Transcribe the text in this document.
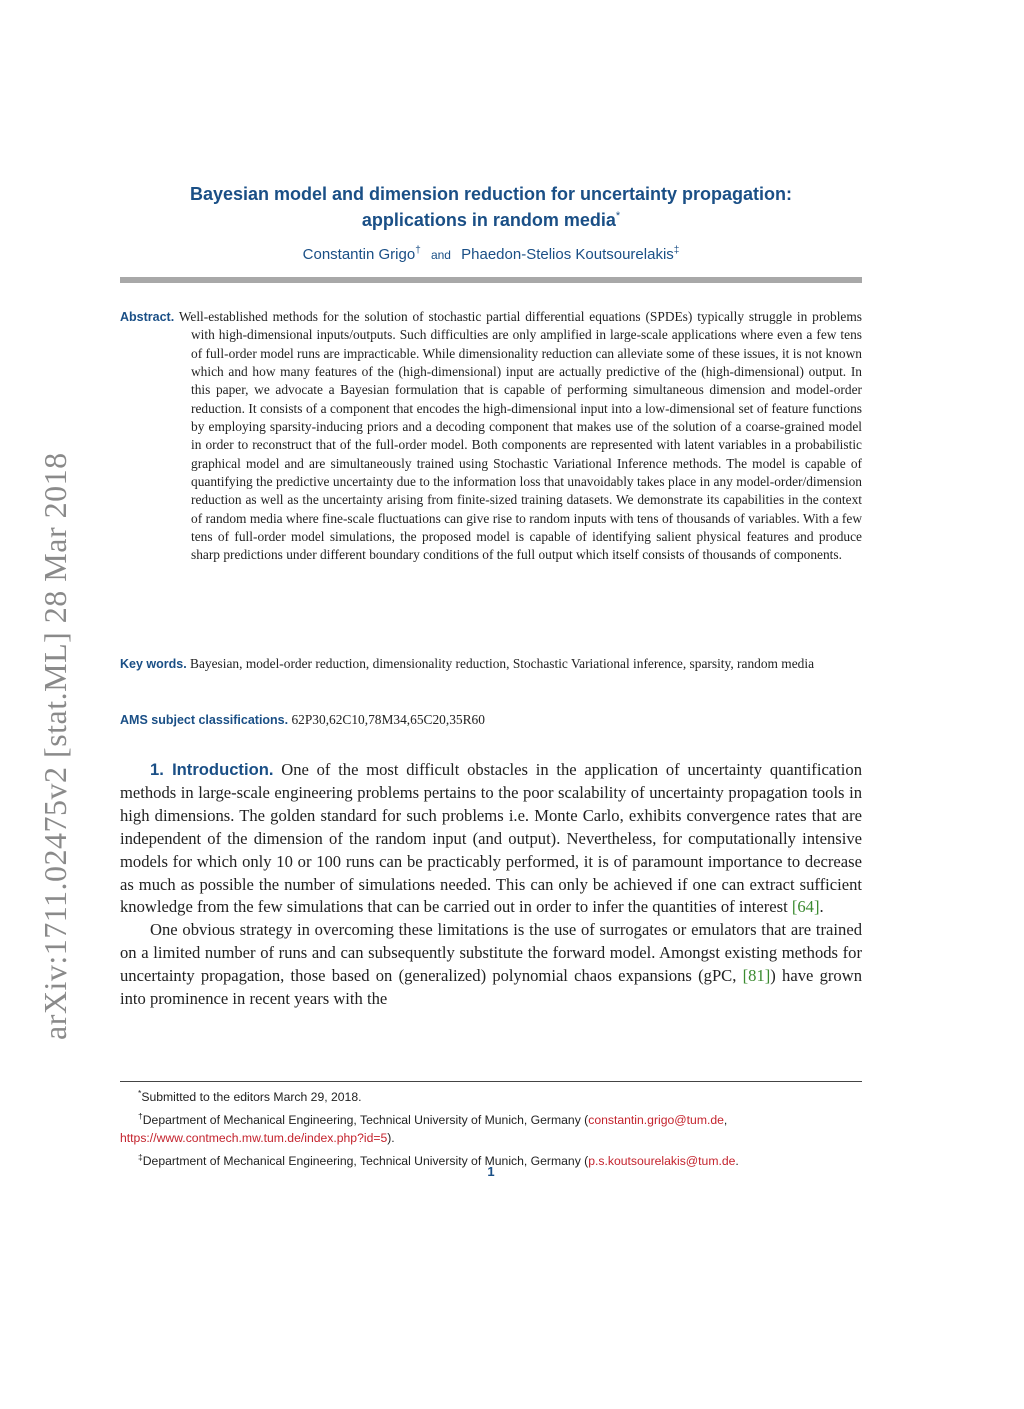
arXiv:1711.02475v2 [stat.ML] 28 Mar 2018
Bayesian model and dimension reduction for uncertainty propagation:
applications in random media*
Constantin Grigo† and Phaedon-Stelios Koutsourelakis‡
Abstract. Well-established methods for the solution of stochastic partial differential equations (SPDEs) typically struggle in problems with high-dimensional inputs/outputs. Such difficulties are only amplified in large-scale applications where even a few tens of full-order model runs are impracticable. While dimensionality reduction can alleviate some of these issues, it is not known which and how many features of the (high-dimensional) input are actually predictive of the (high-dimensional) output. In this paper, we advocate a Bayesian formulation that is capable of performing simultaneous dimension and model-order reduction. It consists of a component that encodes the high-dimensional input into a low-dimensional set of feature functions by employing sparsity-inducing priors and a decoding component that makes use of the solution of a coarse-grained model in order to reconstruct that of the full-order model. Both components are represented with latent variables in a probabilistic graphical model and are simultaneously trained using Stochastic Variational Inference methods. The model is capable of quantifying the predictive uncertainty due to the information loss that unavoidably takes place in any model-order/dimension reduction as well as the uncertainty arising from finite-sized training datasets. We demonstrate its capabilities in the context of random media where fine-scale fluctuations can give rise to random inputs with tens of thousands of variables. With a few tens of full-order model simulations, the proposed model is capable of identifying salient physical features and produce sharp predictions under different boundary conditions of the full output which itself consists of thousands of components.
Key words. Bayesian, model-order reduction, dimensionality reduction, Stochastic Variational inference, sparsity, random media
AMS subject classifications. 62P30,62C10,78M34,65C20,35R60

1. Introduction. One of the most difficult obstacles in the application of uncertainty quantification methods in large-scale engineering problems pertains to the poor scalability of uncertainty propagation tools in high dimensions. The golden standard for such problems i.e. Monte Carlo, exhibits convergence rates that are independent of the dimension of the random input (and output). Nevertheless, for computationally intensive models for which only 10 or 100 runs can be practicably performed, it is of paramount importance to decrease as much as possible the number of simulations needed. This can only be achieved if one can extract sufficient knowledge from the few simulations that can be carried out in order to infer the quantities of interest [64].

One obvious strategy in overcoming these limitations is the use of surrogates or emulators that are trained on a limited number of runs and can subsequently substitute the forward model. Amongst existing methods for uncertainty propagation, those based on (generalized) polynomial chaos expansions (gPC, [81]) have grown into prominence in recent years with the

*Submitted to the editors March 29, 2018.
†Department of Mechanical Engineering, Technical University of Munich, Germany (constantin.grigo@tum.de,
https://www.contmech.mw.tum.de/index.php?id=5).
‡Department of Mechanical Engineering, Technical University of Munich, Germany (p.s.koutsourelakis@tum.de.
1
